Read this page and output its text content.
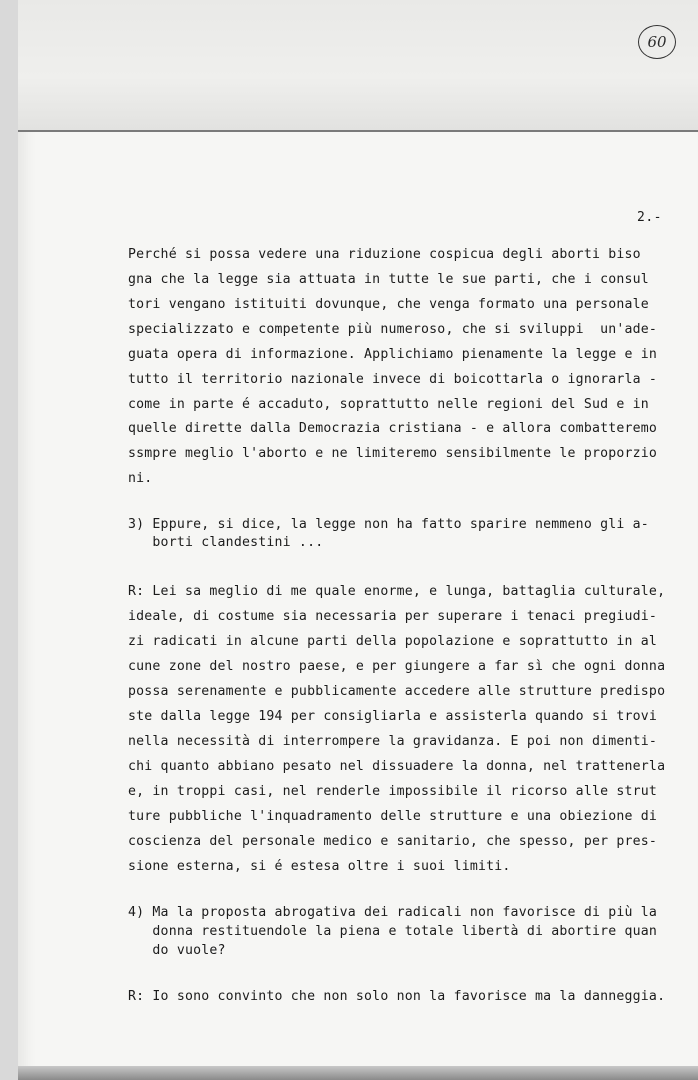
60
2.-
Perché si possa vedere una riduzione cospicua degli aborti biso
gna che la legge sia attuata in tutte le sue parti, che i consul
tori vengano istituiti dovunque, che venga formato una personale
specializzato e competente più numeroso, che si sviluppi  un'ade-
guata opera di informazione. Applichiamo pienamente la legge e in
tutto il territorio nazionale invece di boicottarla o ignorarla -
come in parte é accaduto, soprattutto nelle regioni del Sud e in
quelle dirette dalla Democrazia cristiana - e allora combatteremo
ssmpre meglio l'aborto e ne limiteremo sensibilmente le proporzio
ni.
3) Eppure, si dice, la legge non ha fatto sparire nemmeno gli a-
borti clandestini ...
R: Lei sa meglio di me quale enorme, e lunga, battaglia culturale,
ideale, di costume sia necessaria per superare i tenaci pregiudi-
zi radicati in alcune parti della popolazione e soprattutto in al
cune zone del nostro paese, e per giungere a far sì che ogni donna
possa serenamente e pubblicamente accedere alle strutture predispo
ste dalla legge 194 per consigliarla e assisterla quando si trovi
nella necessità di interrompere la gravidanza. E poi non dimenti-
chi quanto abbiano pesato nel dissuadere la donna, nel trattenerla
e, in troppi casi, nel renderle impossibile il ricorso alle strut
ture pubbliche l'inquadramento delle strutture e una obiezione di
coscienza del personale medico e sanitario, che spesso, per pres-
sione esterna, si é estesa oltre i suoi limiti.
4) Ma la proposta abrogativa dei radicali non favorisce di più la
donna restituendole la piena e totale libertà di abortire quan
do vuole?
R: Io sono convinto che non solo non la favorisce ma la danneggia.
